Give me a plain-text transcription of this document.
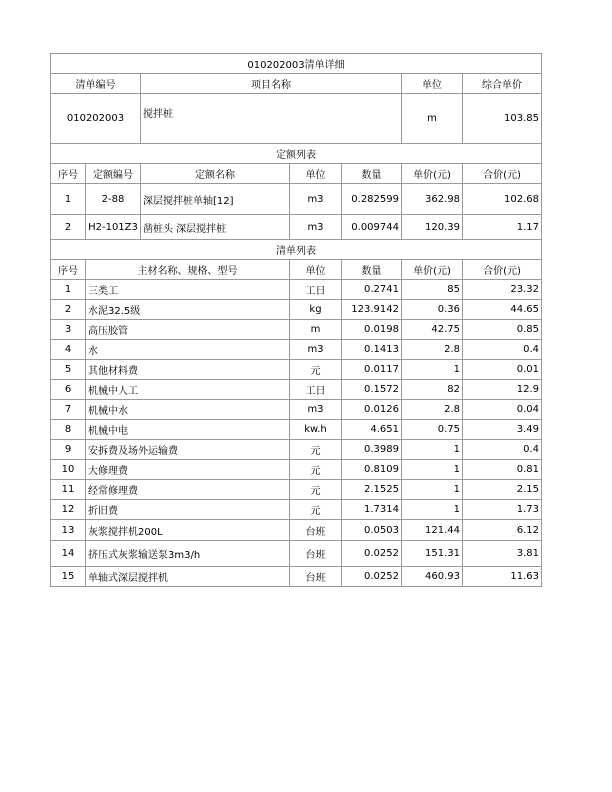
010202003清单详细						
清单编号		项目名称			单位	综合单价
010202003		搅拌桩			m	103.85
定额列表						
序号	定额编号	定额名称	单位	数量	单价(元)	合价(元)
1	2-88	深层搅拌桩单轴[12]	m3	0.282599	362.98	102.68
2	H2-101Z3	凿桩头 深层搅拌桩	m3	0.009744	120.39	1.17
清单列表						
序号	主材名称、规格、型号		单位	数量	单价(元)	合价(元)
1	三类工		工日	0.2741	85	23.32
2	水泥32.5级		kg	123.9142	0.36	44.65
3	高压胶管		m	0.0198	42.75	0.85
4	水		m3	0.1413	2.8	0.4
5	其他材料费		元	0.0117	1	0.01
6	机械中人工		工日	0.1572	82	12.9
7	机械中水		m3	0.0126	2.8	0.04
8	机械中电		kw.h	4.651	0.75	3.49
9	安拆费及场外运输费		元	0.3989	1	0.4
10	大修理费		元	0.8109	1	0.81
11	经常修理费		元	2.1525	1	2.15
12	折旧费		元	1.7314	1	1.73
13	灰浆搅拌机200L		台班	0.0503	121.44	6.12
14	挤压式灰浆输送泵3m3/h		台班	0.0252	151.31	3.81
15	单轴式深层搅拌机		台班	0.0252	460.93	11.63
